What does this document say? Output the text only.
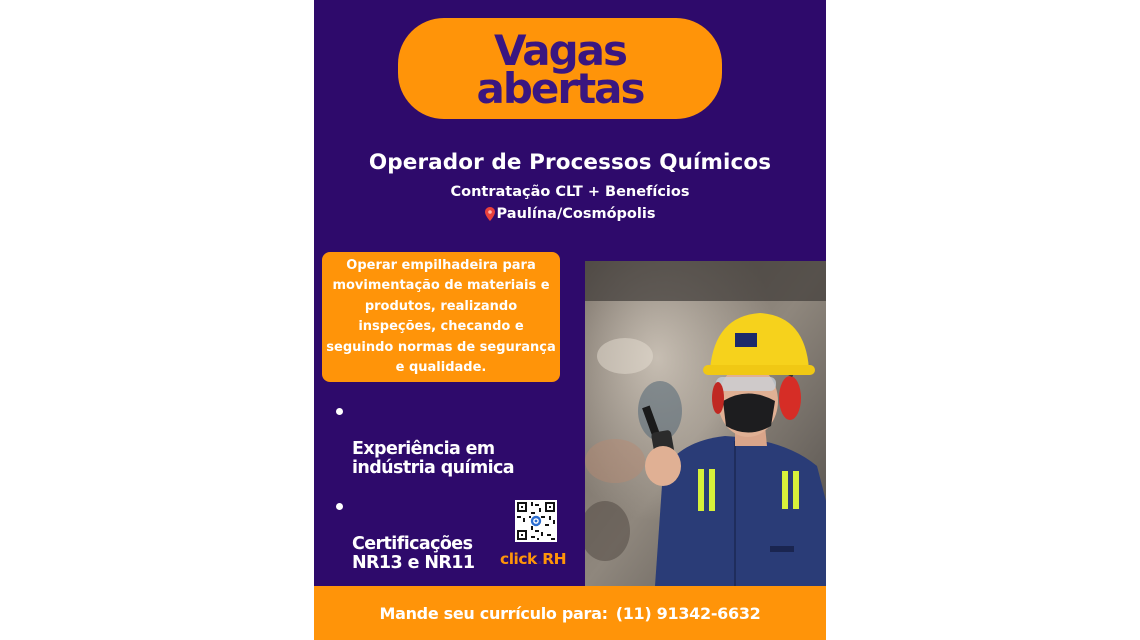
Vagas
abertas
Operador de Processos Químicos
Contratação CLT + Benefícios
Paulína/Cosmópolis
Operar empilhadeira para movimentação de materiais e produtos, realizando inspeções, checando e seguindo normas de segurança e qualidade.

Experiência em
indústria química

Certificações
NR13 e NR11	click.RH
Mande seu currículo para: (11) 91342-6632
